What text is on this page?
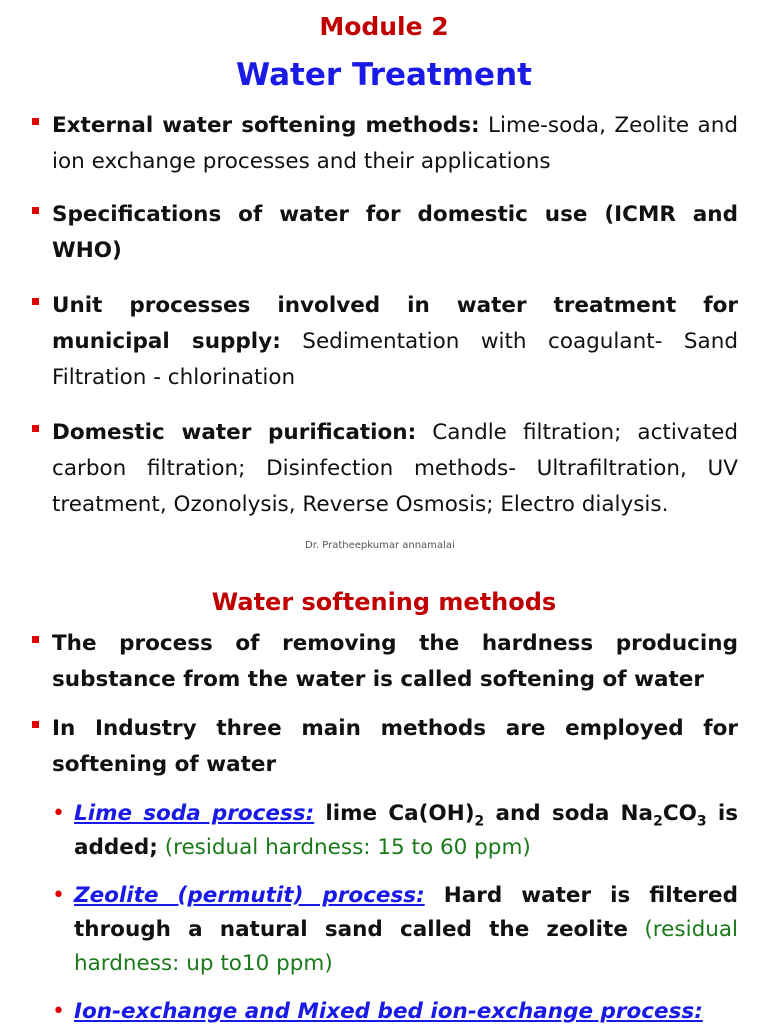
Module 2
Water Treatment

External water softening methods: Lime-soda, Zeolite and ion exchange processes and their applications

Specifications of water for domestic use (ICMR and WHO)

Unit processes involved in water treatment for municipal supply: Sedimentation with coagulant- Sand Filtration - chlorination

Domestic water purification: Candle filtration; activated carbon filtration; Disinfection methods- Ultrafiltration, UV treatment, Ozonolysis, Reverse Osmosis; Electro dialysis.

Dr. Pratheepkumar annamalai
Water softening methods

The process of removing the hardness producing substance from the water is called softening of water

In Industry three main methods are employed for softening of water

• Lime soda process: lime $Ca(OH)_2$ and soda $Na_2CO_3$ is added; (residual hardness: 15 to 60 ppm)

• Zeolite (permutit) process: Hard water is filtered through a natural sand called the zeolite (residual hardness: up to10 ppm)

• Ion-exchange and Mixed bed ion-exchange process:
